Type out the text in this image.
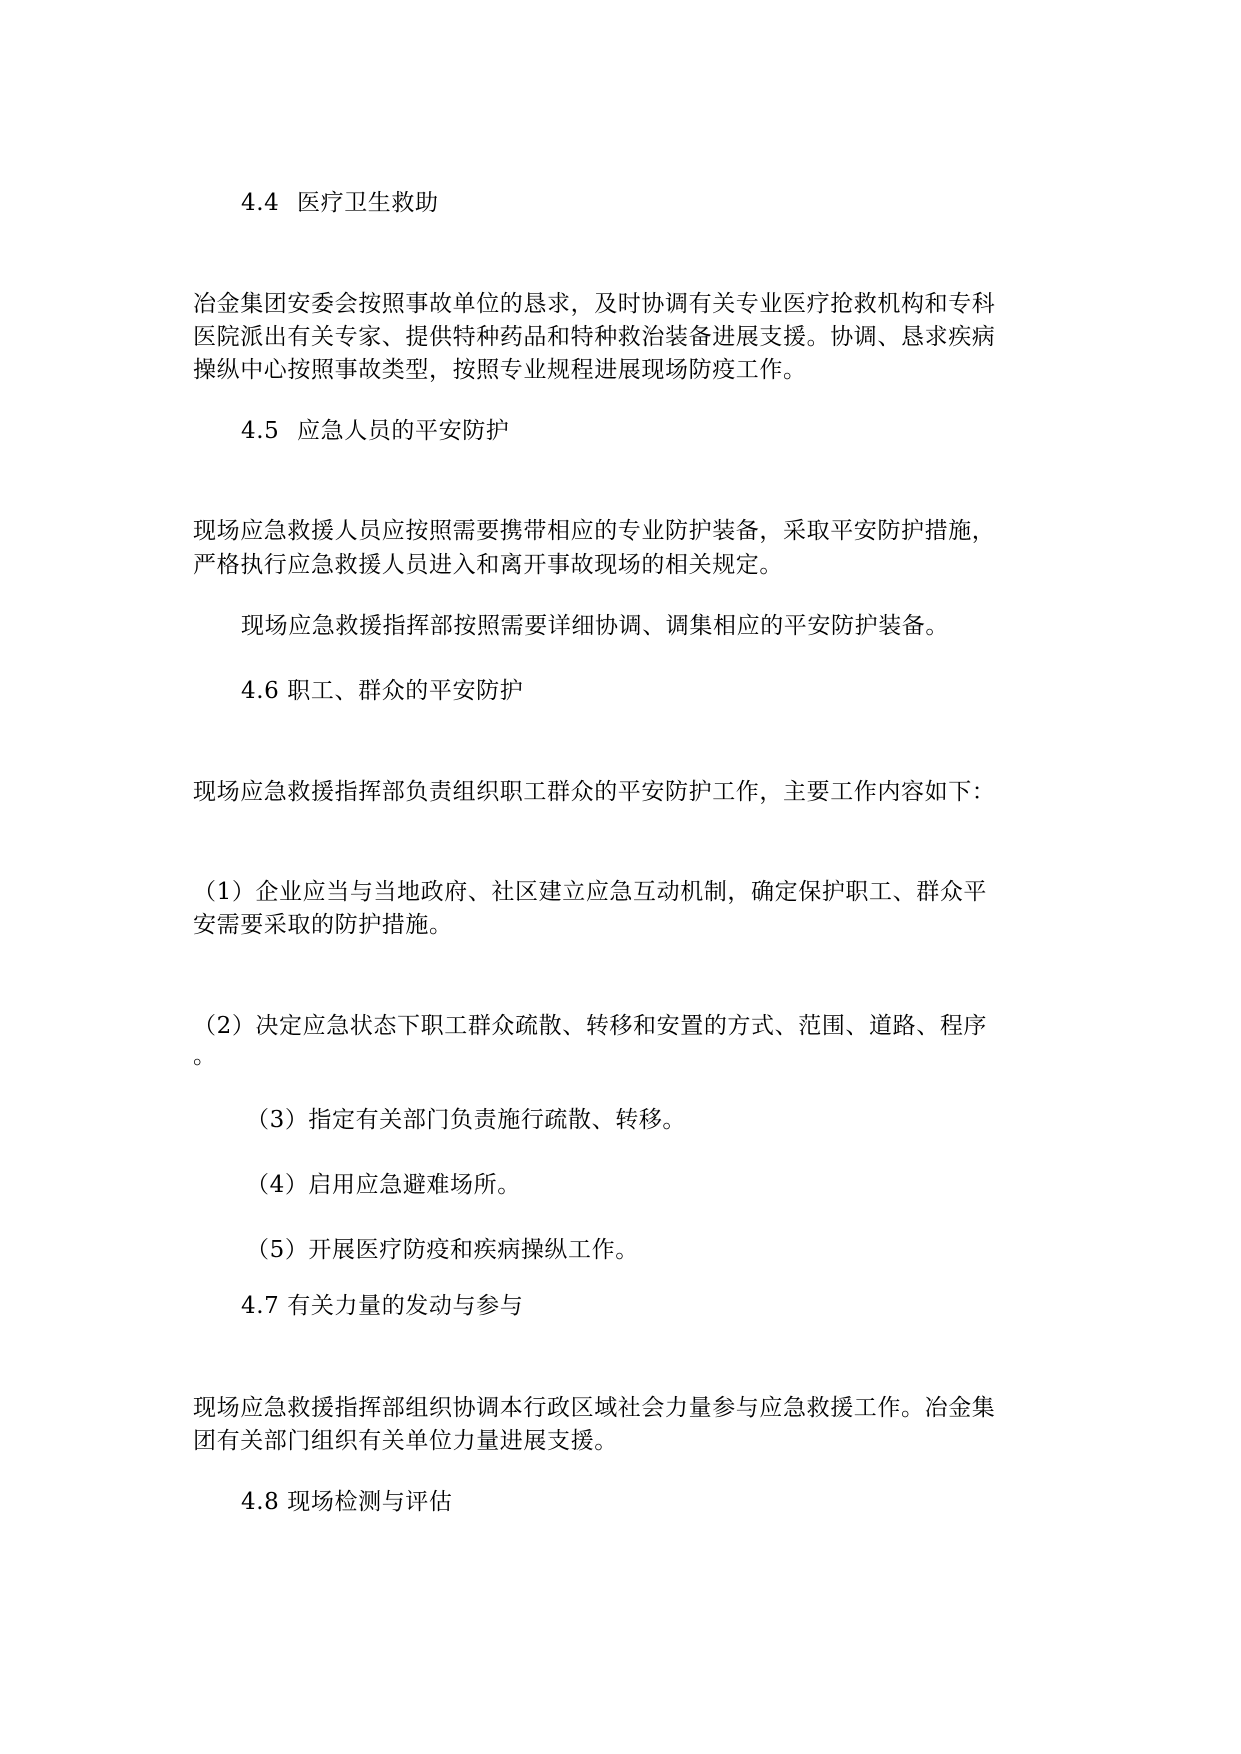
4.4 医疗卫生救助

冶金集团安委会按照事故单位的恳求，及时协调有关专业医疗抢救机构和专科

医院派出有关专家、提供特种药品和特种救治装备进展支援。协调、恳求疾病

操纵中心按照事故类型，按照专业规程进展现场防疫工作。

4.5 应急人员的平安防护

现场应急救援人员应按照需要携带相应的专业防护装备，采取平安防护措施，

严格执行应急救援人员进入和离开事故现场的相关规定。

现场应急救援指挥部按照需要详细协调、调集相应的平安防护装备。

4.6 职工、群众的平安防护

现场应急救援指挥部负责组织职工群众的平安防护工作，主要工作内容如下：

（1）企业应当与当地政府、社区建立应急互动机制，确定保护职工、群众平

安需要采取的防护措施。

（2）决定应急状态下职工群众疏散、转移和安置的方式、范围、道路、程序

。

（3）指定有关部门负责施行疏散、转移。

（4）启用应急避难场所。

（5）开展医疗防疫和疾病操纵工作。

4.7 有关力量的发动与参与

现场应急救援指挥部组织协调本行政区域社会力量参与应急救援工作。冶金集

团有关部门组织有关单位力量进展支援。

4.8 现场检测与评估
